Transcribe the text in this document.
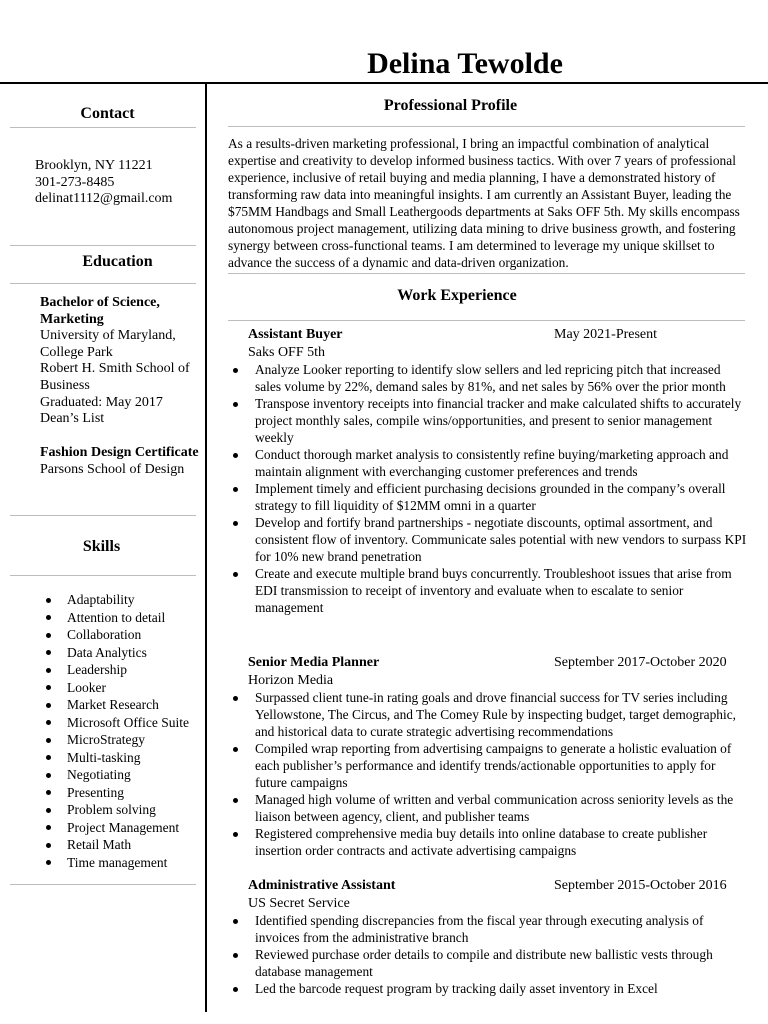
Delina Tewolde
Contact
Brooklyn, NY 11221
301-273-8485
delinat1112@gmail.com
Education
Bachelor of Science, Marketing
University of Maryland, College Park
Robert H. Smith School of Business
Graduated: May 2017
Dean’s List
Fashion Design Certificate
Parsons School of Design
Skills
Adaptability
Attention to detail
Collaboration
Data Analytics
Leadership
Looker
Market Research
Microsoft Office Suite
MicroStrategy
Multi-tasking
Negotiating
Presenting
Problem solving
Project Management
Retail Math
Time management
Professional Profile
As a results-driven marketing professional, I bring an impactful combination of analytical expertise and creativity to develop informed business tactics. With over 7 years of professional experience, inclusive of retail buying and media planning, I have a demonstrated history of transforming raw data into meaningful insights. I am currently an Assistant Buyer, leading the $75MM Handbags and Small Leathergoods departments at Saks OFF 5th. My skills encompass autonomous project management, utilizing data mining to drive business growth, and fostering synergy between cross-functional teams. I am determined to leverage my unique skillset to advance the success of a dynamic and data-driven organization.
Work Experience
Assistant Buyer	May 2021-Present
Saks OFF 5th
Analyze Looker reporting to identify slow sellers and led repricing pitch that increased sales volume by 22%, demand sales by 81%, and net sales by 56% over the prior month
Transpose inventory receipts into financial tracker and make calculated shifts to accurately project monthly sales, compile wins/opportunities, and present to senior management weekly
Conduct thorough market analysis to consistently refine buying/marketing approach and maintain alignment with everchanging customer preferences and trends
Implement timely and efficient purchasing decisions grounded in the company’s overall strategy to fill liquidity of $12MM omni in a quarter
Develop and fortify brand partnerships - negotiate discounts, optimal assortment, and consistent flow of inventory. Communicate sales potential with new vendors to surpass KPI for 10% new brand penetration
Create and execute multiple brand buys concurrently. Troubleshoot issues that arise from EDI transmission to receipt of inventory and evaluate when to escalate to senior management
Senior Media Planner	September 2017-October 2020
Horizon Media
Surpassed client tune-in rating goals and drove financial success for TV series including Yellowstone, The Circus, and The Comey Rule by inspecting budget, target demographic, and historical data to curate strategic advertising recommendations
Compiled wrap reporting from advertising campaigns to generate a holistic evaluation of each publisher’s performance and identify trends/actionable opportunities to apply for future campaigns
Managed high volume of written and verbal communication across seniority levels as the liaison between agency, client, and publisher teams
Registered comprehensive media buy details into online database to create publisher insertion order contracts and activate advertising campaigns
Administrative Assistant	September 2015-October 2016
US Secret Service
Identified spending discrepancies from the fiscal year through executing analysis of invoices from the administrative branch
Reviewed purchase order details to compile and distribute new ballistic vests through database management
Led the barcode request program by tracking daily asset inventory in Excel
